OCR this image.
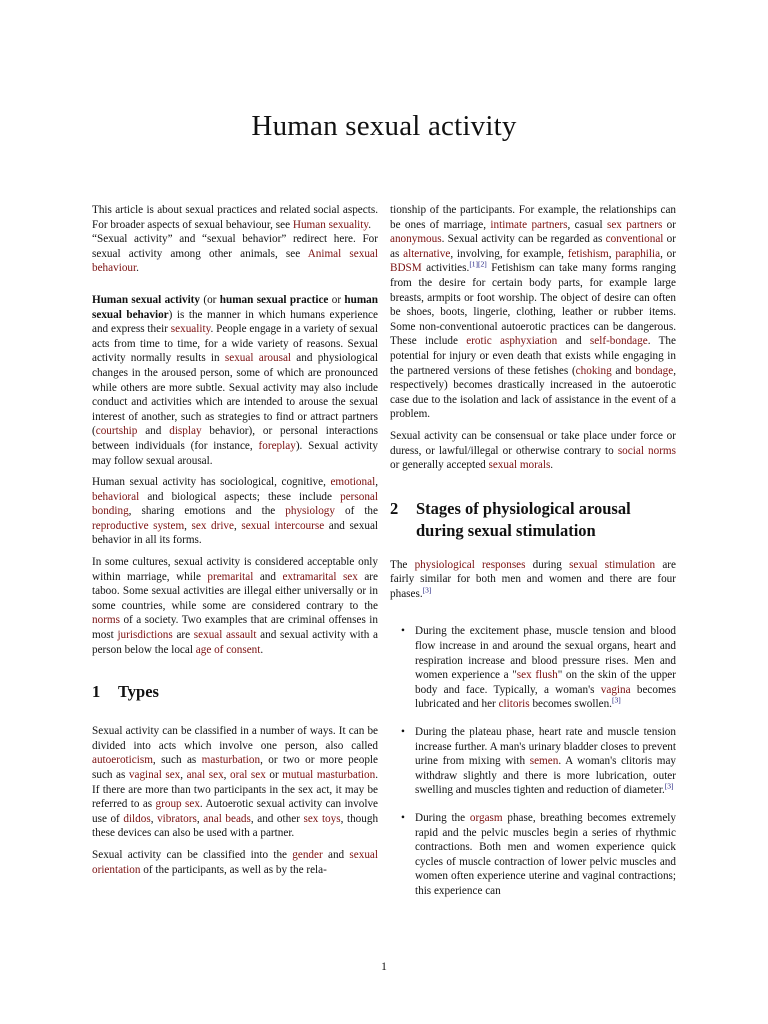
Human sexual activity

This article is about sexual practices and related social aspects. For broader aspects of sexual behaviour, see Human sexuality.
“Sexual activity” and “sexual behavior” redirect here. For sexual activity among other animals, see Animal sexual behaviour.

Human sexual activity (or human sexual practice or human sexual behavior) is the manner in which humans experience and express their sexuality. People engage in a variety of sexual acts from time to time, for a wide variety of reasons. Sexual activity normally results in sexual arousal and physiological changes in the aroused person, some of which are pronounced while others are more subtle. Sexual activity may also include conduct and activities which are intended to arouse the sexual interest of another, such as strategies to find or attract partners (courtship and display behavior), or personal interactions between individuals (for instance, foreplay). Sexual activity may follow sexual arousal.

Human sexual activity has sociological, cognitive, emotional, behavioral and biological aspects; these include personal bonding, sharing emotions and the physiology of the reproductive system, sex drive, sexual intercourse and sexual behavior in all its forms.

In some cultures, sexual activity is considered acceptable only within marriage, while premarital and extramarital sex are taboo. Some sexual activities are illegal either universally or in some countries, while some are considered contrary to the norms of a society. Two examples that are criminal offenses in most jurisdictions are sexual assault and sexual activity with a person below the local age of consent.

1	Types

Sexual activity can be classified in a number of ways. It can be divided into acts which involve one person, also called autoeroticism, such as masturbation, or two or more people such as vaginal sex, anal sex, oral sex or mutual masturbation. If there are more than two participants in the sex act, it may be referred to as group sex. Autoerotic sexual activity can involve use of dildos, vibrators, anal beads, and other sex toys, though these devices can also be used with a partner.

Sexual activity can be classified into the gender and sexual orientation of the participants, as well as by the rela-

tionship of the participants. For example, the relationships can be ones of marriage, intimate partners, casual sex partners or anonymous. Sexual activity can be regarded as conventional or as alternative, involving, for example, fetishism, paraphilia, or BDSM activities.[1][2] Fetishism can take many forms ranging from the desire for certain body parts, for example large breasts, armpits or foot worship. The object of desire can often be shoes, boots, lingerie, clothing, leather or rubber items. Some non-conventional autoerotic practices can be dangerous. These include erotic asphyxiation and self-bondage. The potential for injury or even death that exists while engaging in the partnered versions of these fetishes (choking and bondage, respectively) becomes drastically increased in the autoerotic case due to the isolation and lack of assistance in the event of a problem.

Sexual activity can be consensual or take place under force or duress, or lawful/illegal or otherwise contrary to social norms or generally accepted sexual morals.

2	Stages of physiological arousal during sexual stimulation

The physiological responses during sexual stimulation are fairly similar for both men and women and there are four phases.[3]

• During the excitement phase, muscle tension and blood flow increase in and around the sexual organs, heart and respiration increase and blood pressure rises. Men and women experience a "sex flush" on the skin of the upper body and face. Typically, a woman's vagina becomes lubricated and her clitoris becomes swollen.[3]
• During the plateau phase, heart rate and muscle tension increase further. A man's urinary bladder closes to prevent urine from mixing with semen. A woman's clitoris may withdraw slightly and there is more lubrication, outer swelling and muscles tighten and reduction of diameter.[3]
• During the orgasm phase, breathing becomes extremely rapid and the pelvic muscles begin a series of rhythmic contractions. Both men and women experience quick cycles of muscle contraction of lower pelvic muscles and women often experience uterine and vaginal contractions; this experience can
1
